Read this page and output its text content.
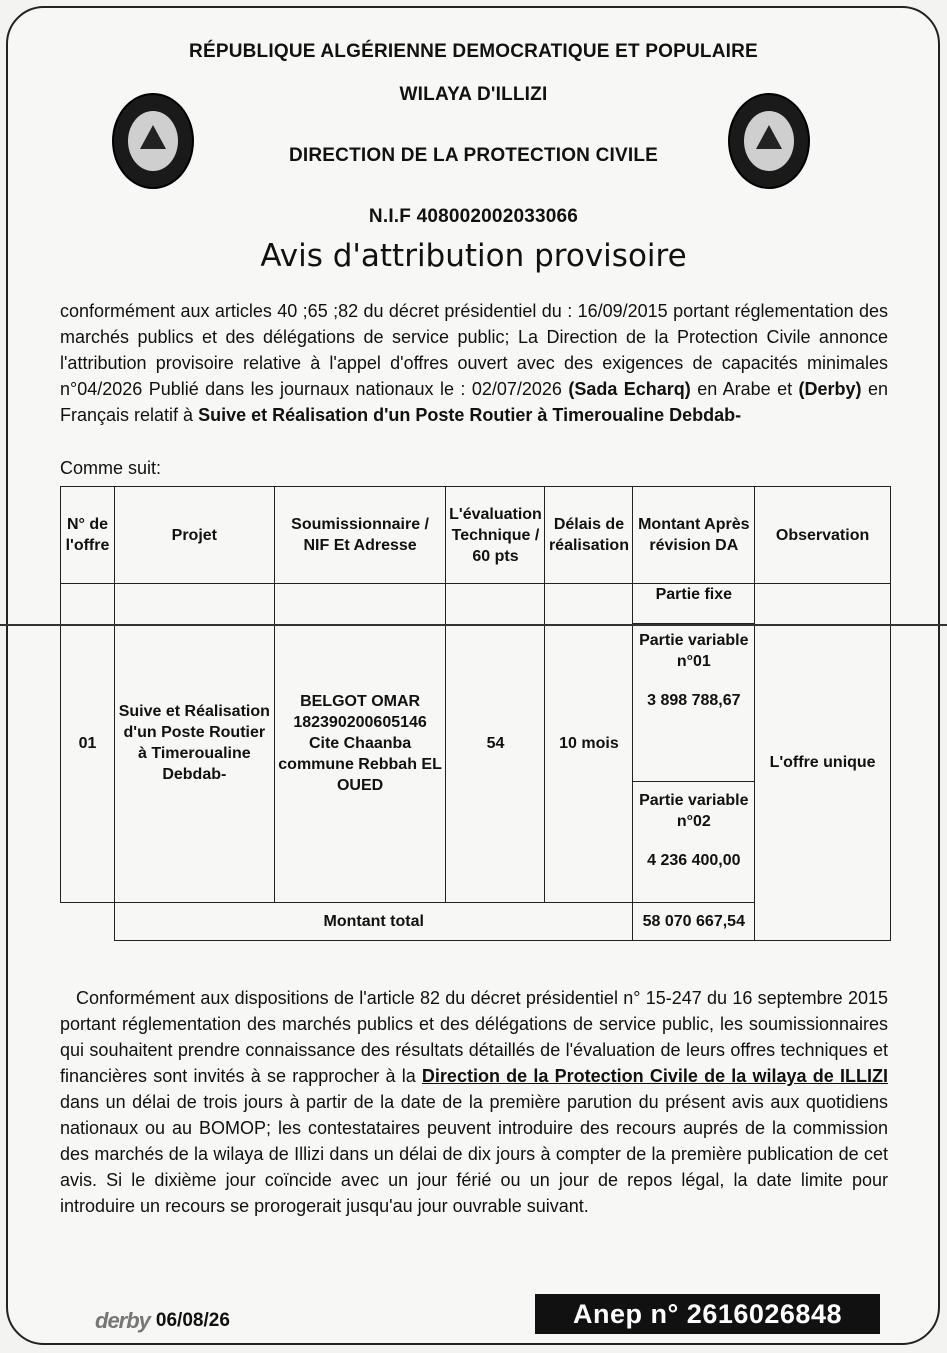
RÉPUBLIQUE ALGÉRIENNE DEMOCRATIQUE ET POPULAIRE
WILAYA D'ILLIZI
DIRECTION DE LA PROTECTION CIVILE
N.I.F 408002002033066
Avis d'attribution provisoire
conformément aux articles 40 ;65 ;82 du décret présidentiel du : 16/09/2015 portant réglementation des marchés publics et des délégations de service public; La Direction de la Protection Civile annonce l'attribution provisoire relative à l'appel d'offres ouvert avec des exigences de capacités minimales n°04/2026 Publié dans les journaux nationaux le : 02/07/2026 (Sada Echarq) en Arabe et (Derby) en Français relatif à Suive et Réalisation d'un Poste Routier à Timeroualine Debdab-
Comme suit:
N° de l'offre	Projet	Soumissionnaire / NIF Et Adresse	L'évaluation Technique / 60 pts	Délais de réalisation	Montant Après révision DA	Observation
01	Suive et Réalisation d'un Poste Routier à Timeroualine Debdab-	BELGOT OMAR
182390200605146
Cite Chaanba commune Rebbah EL OUED	54	10 mois	Partie fixe	L'offre unique

					Partie variable n°01
3 898 788,67	

					Partie variable n°02
4 236 400,00	

	Montant total				58 070 667,54	
Conformément aux dispositions de l'article 82 du décret présidentiel n° 15-247 du 16 septembre 2015 portant réglementation des marchés publics et des délégations de service public, les soumissionnaires qui souhaitent prendre connaissance des résultats détaillés de l'évaluation de leurs offres techniques et financières sont invités à se rapprocher à la Direction de la Protection Civile de la wilaya de ILLIZI dans un délai de trois jours à partir de la date de la première parution du présent avis aux quotidiens nationaux ou au BOMOP; les contestataires peuvent introduire des recours auprés de la commission des marchés de la wilaya de Illizi dans un délai de dix jours à compter de la première publication de cet avis. Si le dixième jour coïncide avec un jour férié ou un jour de repos légal, la date limite pour introduire un recours se prorogerait jusqu'au jour ouvrable suivant.
derby 06/08/26	Anep n° 2616026848
